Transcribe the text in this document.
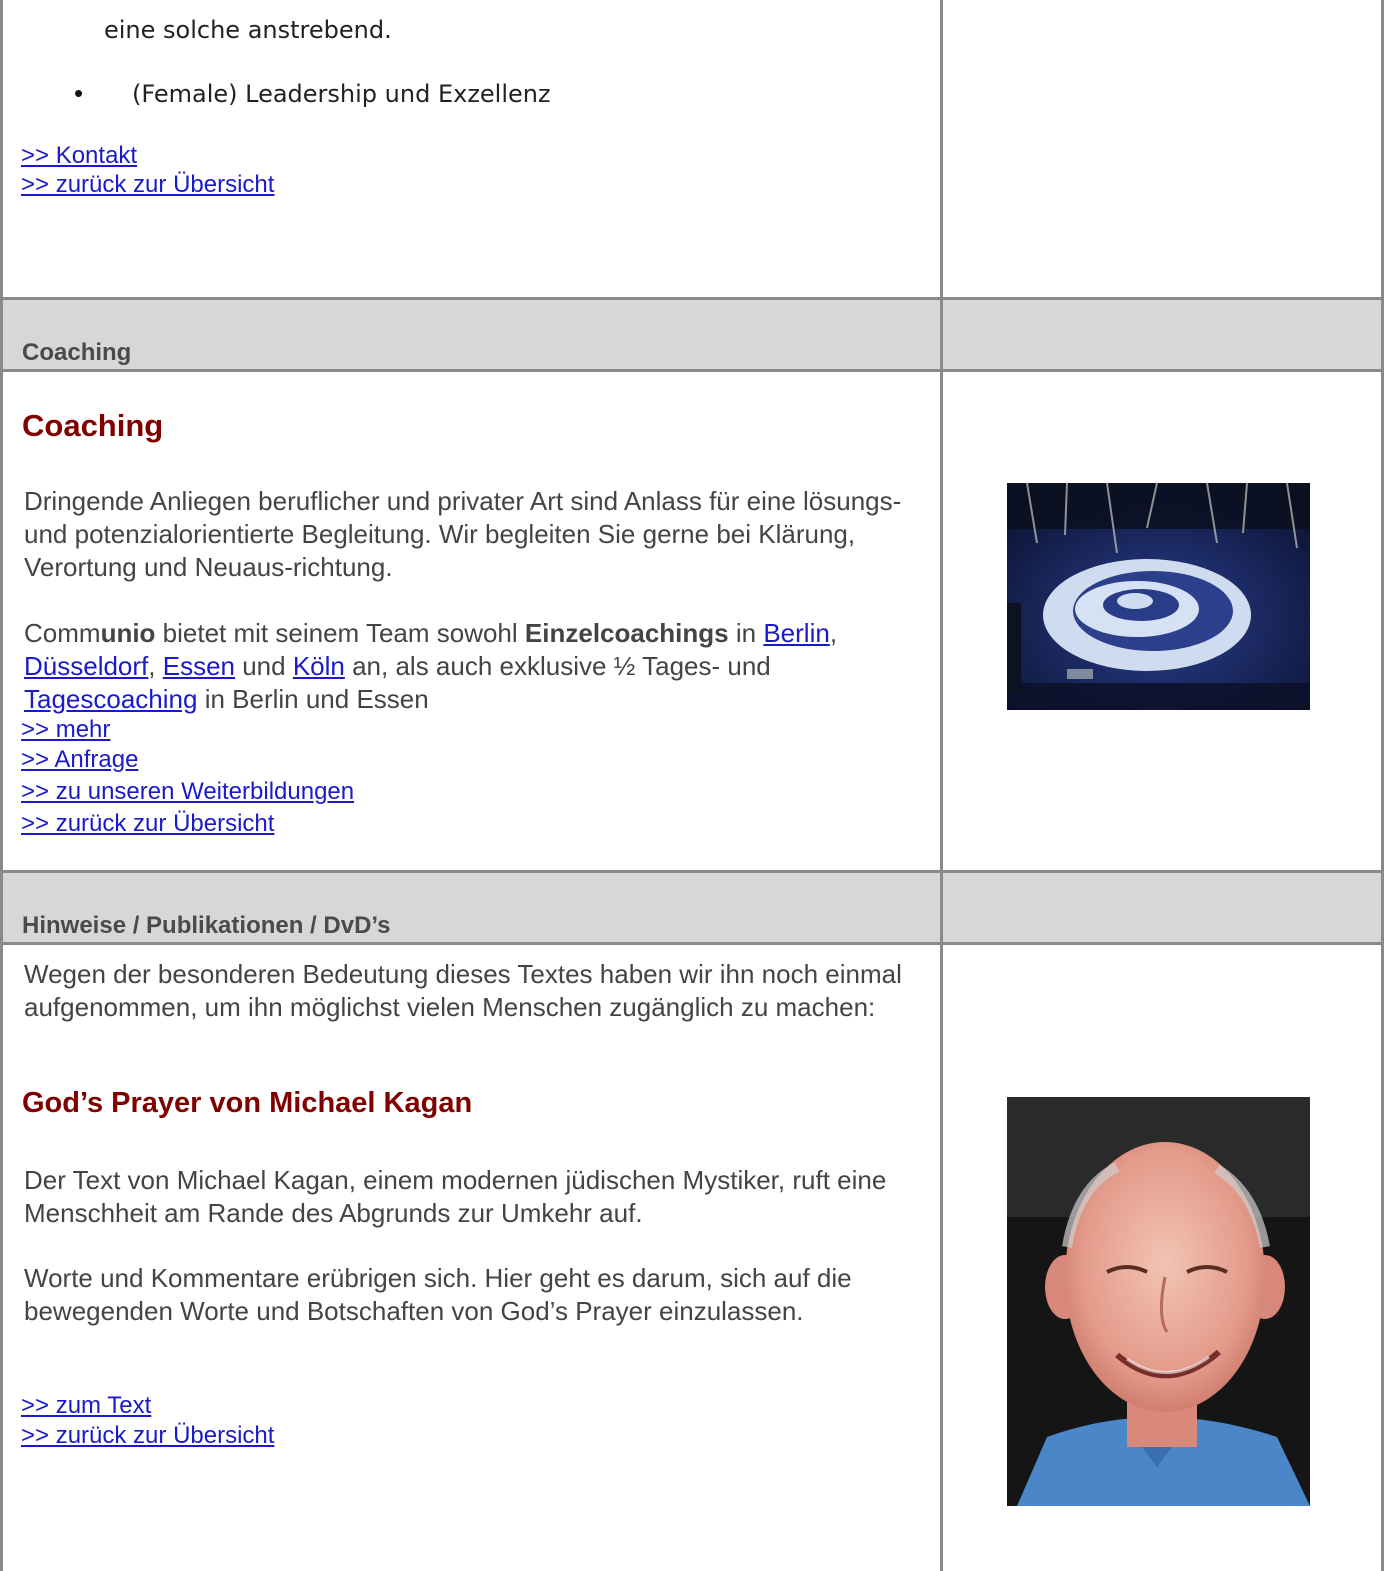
eine solche anstrebend.
• (Female) Leadership und Exzellenz
>> Kontakt
>> zurück zur Übersicht
Coaching
Coaching

Dringende Anliegen beruflicher und privater Art sind Anlass für eine lösungs- und potenzialorientierte Begleitung. Wir begleiten Sie gerne bei Klärung, Verortung und Neuaus-richtung.

Communio bietet mit seinem Team sowohl Einzelcoachings in Berlin, Düsseldorf, Essen und Köln an, als auch exklusive ½ Tages- und Tagescoaching in Berlin und Essen

>> mehr
>> Anfrage
>> zu unseren Weiterbildungen
>> zurück zur Übersicht
Hinweise / Publikationen / DvD’s

Wegen der besonderen Bedeutung dieses Textes haben wir ihn noch einmal aufgenommen, um ihn möglichst vielen Menschen zugänglich zu machen:

God’s Prayer von Michael Kagan

Der Text von Michael Kagan, einem modernen jüdischen Mystiker, ruft eine Menschheit am Rande des Abgrunds zur Umkehr auf.

Worte und Kommentare erübrigen sich. Hier geht es darum, sich auf die bewegenden Worte und Botschaften von God’s Prayer einzulassen.

>> zum Text
>> zurück zur Übersicht
